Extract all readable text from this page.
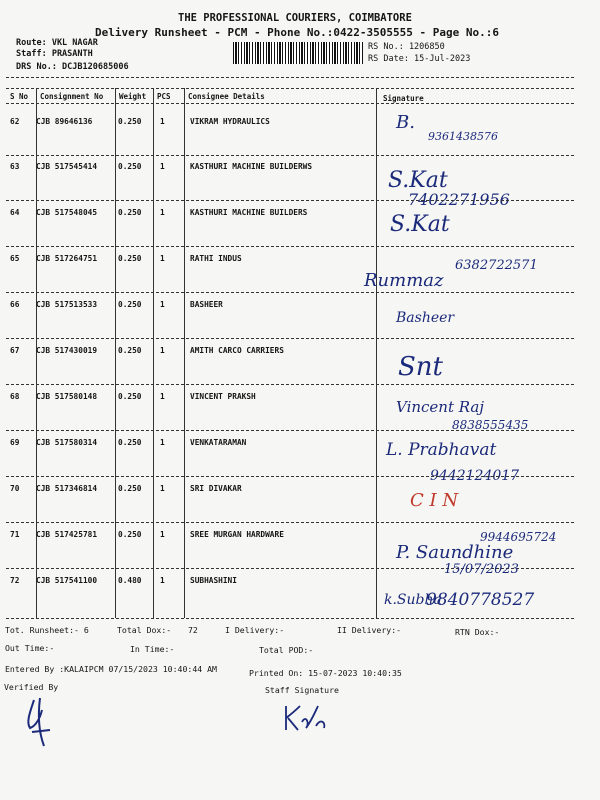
THE PROFESSIONAL COURIERS, COIMBATORE
Delivery Runsheet - PCM - Phone No.:0422-3505555 - Page No.:6
Route: VKL NAGAR
Staff: PRASANTH
DRS No.: DCJB120685006
RS No.: 1206850
RS Date: 15-Jul-2023
S No Consignment No Weight PCS Consignee Details	Signature
62 CJB 89646136	0.250 1	VIKRAM HYDRAULICS	B.
9361438576
63 CJB 517545414	0.250 1	KASTHURI MACHINE BUILDERWS
S.Kat
7402271956
64 CJB 517548045	0.250 1	KASTHURI MACHINE BUILDERS	S.Kat
65 CJB 517264751	0.250 1	RATHI INDUS
Rummaz
6382722571
66 CJB 517513533	0.250 1	BASHEER
Basheer
67 CJB 517430019	0.250 1	AMITH CARCO CARRIERS
Snt
68 CJB 517580148	0.250 1	VINCENT PRAKSH
Vincent Raj
8838555435
69 CJB 517580314	0.250 1	VENKATARAMAN	L. Prabhavat
9442124017
70 CJB 517346814	0.250 1	SRI DIVAKAR
C I N
71 CJB 517425781	0.250 1	SREE MURGAN HARDWARE
P. Saundhine
9944695724
72 CJB 517541100	0.480 1	SUBHASHINI
k.Subha
9840778527
15/07/2023
Tot. Runsheet:- 6	Total Dox:- 72	I Delivery:-	II Delivery:-	RTN Dox:-
Out Time:-	In Time:-	Total POD:-
Entered By :KALAIPCM 07/15/2023 10:40:44 AM	Printed On: 15-07-2023 10:40:35
Verified By	Staff Signature
